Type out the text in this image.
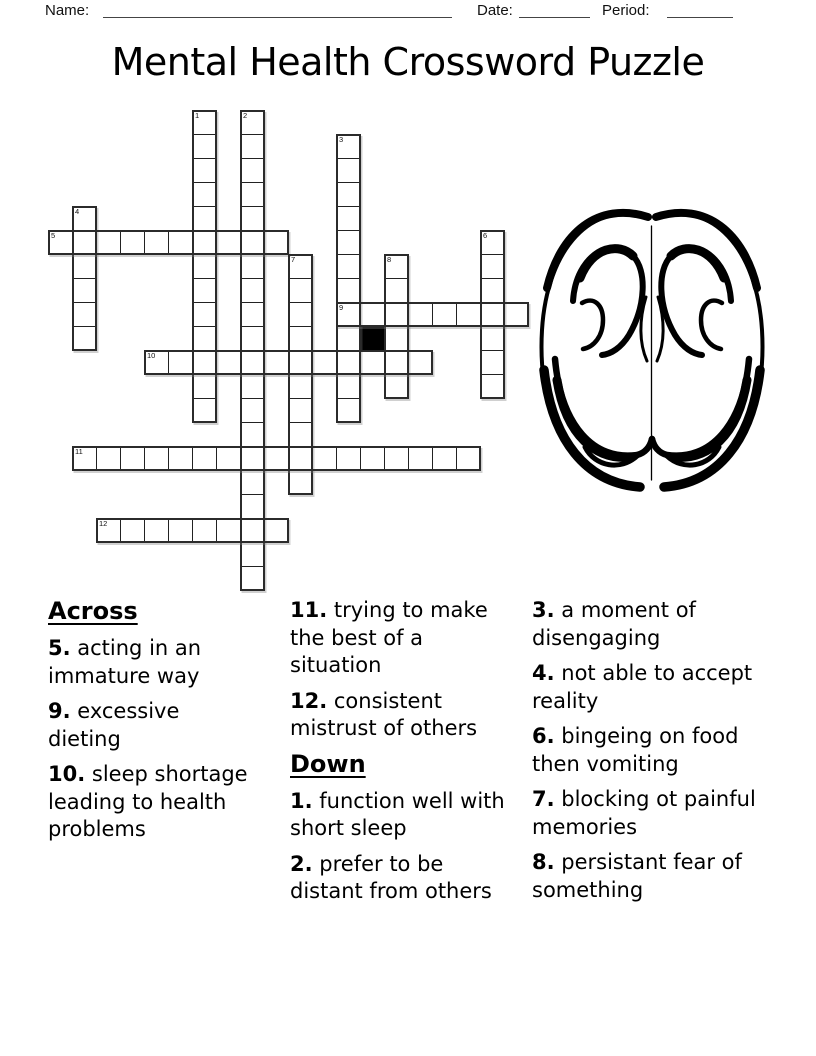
Name:	Date:	Period:
Mental Health Crossword Puzzle
1	2
3
9
4
5	6
7	8
10
11
12
Across
5. acting in an immature way
9. excessive dieting
10. sleep shortage leading to health problems
11. trying to make the best of a situation
12. consistent mistrust of others
Down
1. function well with short sleep
2. prefer to be distant from others
3. a moment of disengaging
4. not able to accept reality
6. bingeing on food then vomiting
7. blocking ot painful memories
8. persistant fear of something
